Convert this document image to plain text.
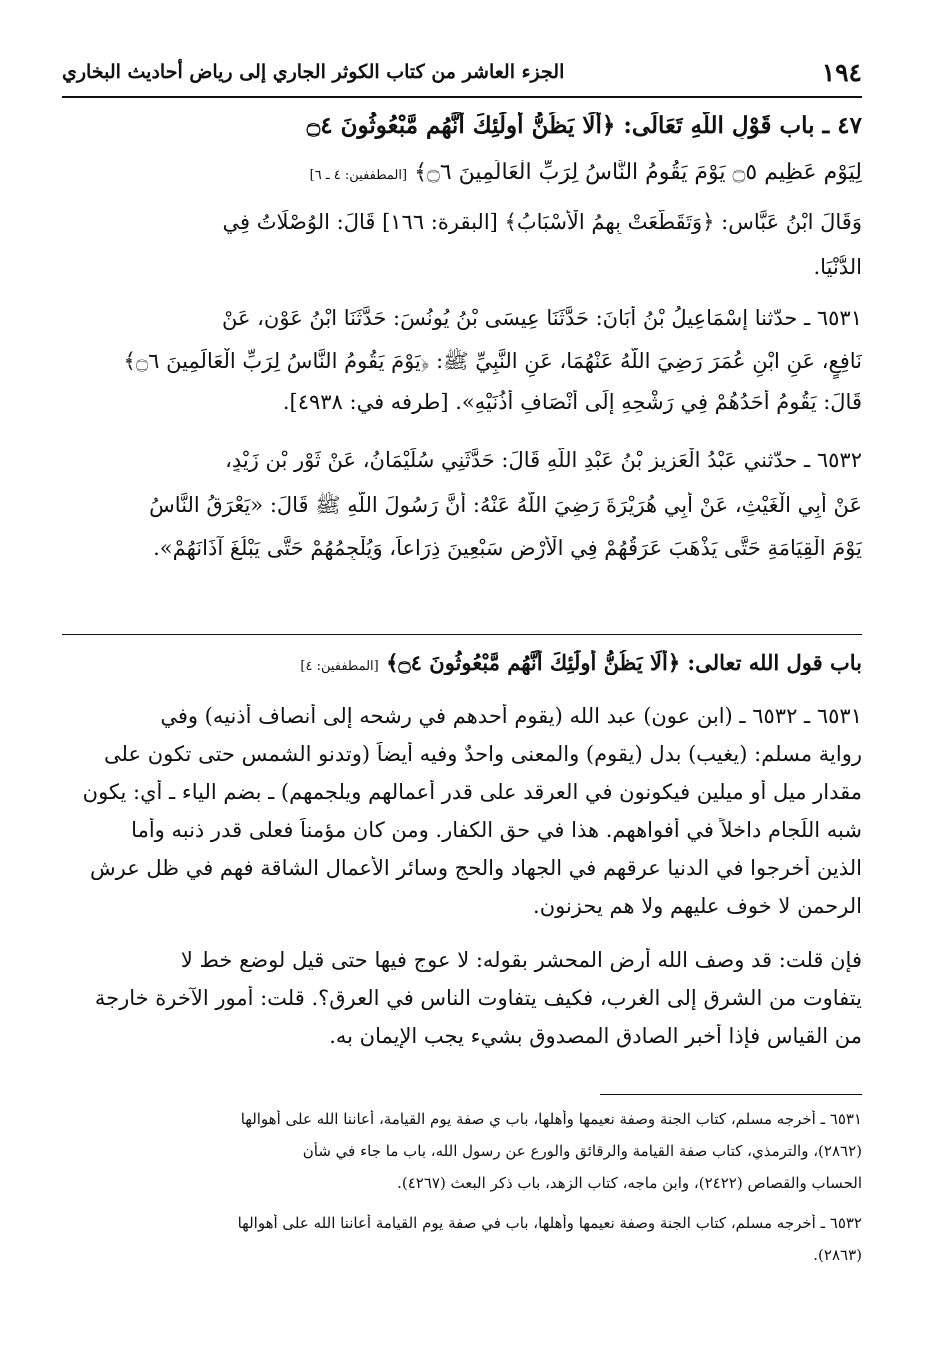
١٩٤
الجزء العاشر من كتاب الكوثر الجاري إلى رياض أحاديث البخاري
٤٧ ـ باب قَوْلِ اللَّهِ تَعَالَى: ﴿أَلَا يَظُنُّ أُولَٰئِكَ أَنَّهُم مَّبْعُوثُونَ ۝٤
لِيَوْمٍ عَظِيمٍ ۝٥ يَوْمَ يَقُومُ النَّاسُ لِرَبِّ الْعَالَمِينَ ۝٦﴾ [المطففين: ٤ ـ ٦]
وَقَالَ ابْنُ عَبَّاسٍ: ﴿وَتَقَطَّعَتْ بِهِمُ الْأَسْبَابُ﴾ [البقرة: ١٦٦] قَالَ: الوُصْلَاتُ فِي
الدُّنْيَا.
٦٥٣١ ـ حدّثنا إِسْمَاعِيلُ بْنُ أَبَانَ: حَدَّثَنَا عِيسَى بْنُ يُونُسَ: حَدَّثَنَا ابْنُ عَوْنٍ، عَنْ
نَافِعٍ، عَنِ ابْنِ عُمَرَ رَضِيَ اللَّهُ عَنْهُمَا، عَنِ النَّبِيِّ ﷺ: ﴿يَوْمَ يَقُومُ النَّاسُ لِرَبِّ الْعَالَمِينَ ۝٦﴾
قَالَ: يَقُومُ أَحَدُهُمْ فِي رَشْحِهِ إِلَى أَنْصَافِ أُذُنَيْهِ». [طرفه في: ٤٩٣٨].
٦٥٣٢ ـ حدّثني عَبْدُ الْعَزِيزِ بْنُ عَبْدِ اللَّهِ قَالَ: حَدَّثَنِي سُلَيْمَانُ، عَنْ ثَوْرِ بْنِ زَيْدٍ،
عَنْ أَبِي الْغَيْثِ، عَنْ أَبِي هُرَيْرَةَ رَضِيَ اللَّهُ عَنْهُ: أَنَّ رَسُولَ اللَّهِ ﷺ قَالَ: «يَعْرَقُ النَّاسُ
يَوْمَ الْقِيَامَةِ حَتَّى يَذْهَبَ عَرَقُهُمْ فِي الْأَرْضِ سَبْعِينَ ذِرَاعاً، وَيُلْجِمُهُمْ حَتَّى يَبْلُغَ آذَانَهُمْ».
باب قول الله تعالى: ﴿أَلَا يَظُنُّ أُولَٰئِكَ أَنَّهُم مَّبْعُوثُونَ ۝٤﴾ [المطففين: ٤]
٦٥٣١ ـ ٦٥٣٢ ـ (ابن عون) عبد الله (يقوم أحدهم في رشحه إلى أنصاف أذنيه) وفي
رواية مسلم: (يغيب) بدل (يقوم) والمعنى واحدٌ وفيه أيضاً (وتدنو الشمس حتى تكون على
مقدار ميل أو ميلين فيكونون في العرقد على قدر أعمالهم ويلجمهم) ـ بضم الياء ـ أي: يكون
شبه اللِّجام داخلاً في أفواههم. هذا في حق الكفار. ومن كان مؤمناً فعلى قدر ذنبه وأما
الذين أخرجوا في الدنيا عرقهم في الجهاد والحج وسائر الأعمال الشاقة فهم في ظل عرش
الرحمن لا خوف عليهم ولا هم يحزنون.
فإن قلت: قد وصف الله أرض المحشر بقوله: لا عوج فيها حتى قيل لوضع خط لا
يتفاوت من الشرق إلى الغرب، فكيف يتفاوت الناس في العرق؟. قلت: أمور الآخرة خارجة
من القياس فإذا أخبر الصادق المصدوق بشيء يجب الإيمان به.
٦٥٣١ ـ أخرجه مسلم، كتاب الجنة وصفة نعيمها وأهلها، باب ي صفة يوم القيامة، أعاننا الله على أهوالها
(٢٨٦٢)، والترمذي، كتاب صفة القيامة والرقائق والورع عن رسول الله، باب ما جاء في شأن
الحساب والقصاص (٢٤٢٢)، وابن ماجه، كتاب الزهد، باب ذكر البعث (٤٢٦٧).
٦٥٣٢ ـ أخرجه مسلم، كتاب الجنة وصفة نعيمها وأهلها، باب في صفة يوم القيامة أعاننا الله على أهوالها
(٢٨٦٣).
